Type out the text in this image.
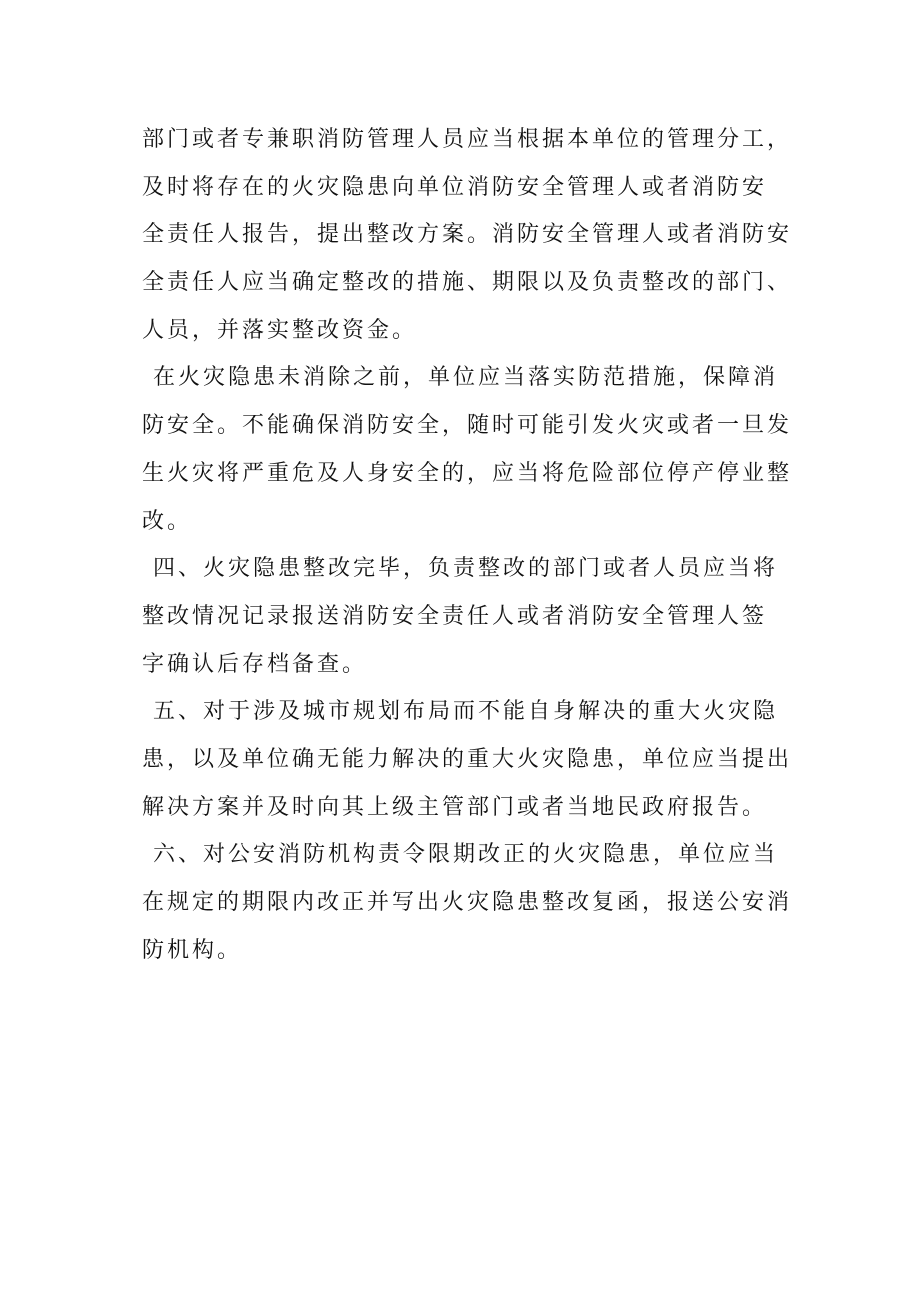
部门或者专兼职消防管理人员应当根据本单位的管理分工，
及时将存在的火灾隐患向单位消防安全管理人或者消防安
全责任人报告，提出整改方案。消防安全管理人或者消防安
全责任人应当确定整改的措施、期限以及负责整改的部门、
人员，并落实整改资金。
在火灾隐患未消除之前，单位应当落实防范措施，保障消
防安全。不能确保消防安全，随时可能引发火灾或者一旦发
生火灾将严重危及人身安全的，应当将危险部位停产停业整
改。
四、火灾隐患整改完毕，负责整改的部门或者人员应当将
整改情况记录报送消防安全责任人或者消防安全管理人签
字确认后存档备查。
五、对于涉及城市规划布局而不能自身解决的重大火灾隐
患，以及单位确无能力解决的重大火灾隐患，单位应当提出
解决方案并及时向其上级主管部门或者当地民政府报告。
六、对公安消防机构责令限期改正的火灾隐患，单位应当
在规定的期限内改正并写出火灾隐患整改复函，报送公安消
防机构。
